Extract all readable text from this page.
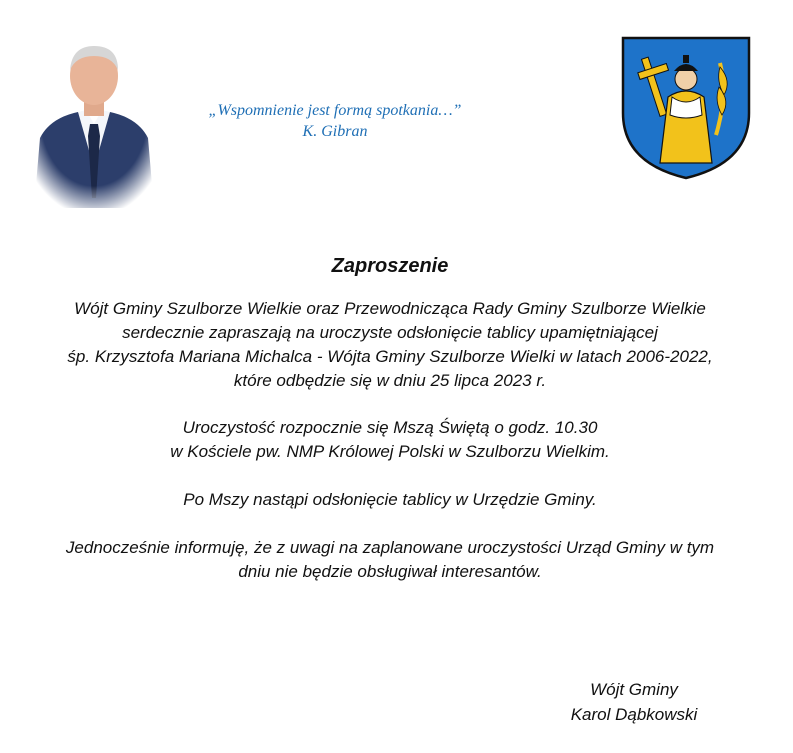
„Wspomnienie jest formą spotkania…”
K. Gibran
Zaproszenie

Wójt Gminy Szulborze Wielkie oraz Przewodnicząca Rady Gminy Szulborze Wielkie

serdecznie zapraszają na uroczyste odsłonięcie tablicy upamiętniającej

śp. Krzysztofa Mariana Michalca - Wójta Gminy Szulborze Wielki w latach 2006-2022,

które odbędzie się w dniu 25 lipca 2023 r.

Uroczystość rozpocznie się Mszą Świętą o godz. 10.30

w Kościele pw. NMP Królowej Polski w Szulborzu Wielkim.

Po Mszy nastąpi odsłonięcie tablicy w Urzędzie Gminy.

Jednocześnie informuję, że z uwagi na zaplanowane uroczystości Urząd Gminy w tym

dniu nie będzie obsługiwał interesantów.

Wójt Gminy
Karol Dąbkowski
